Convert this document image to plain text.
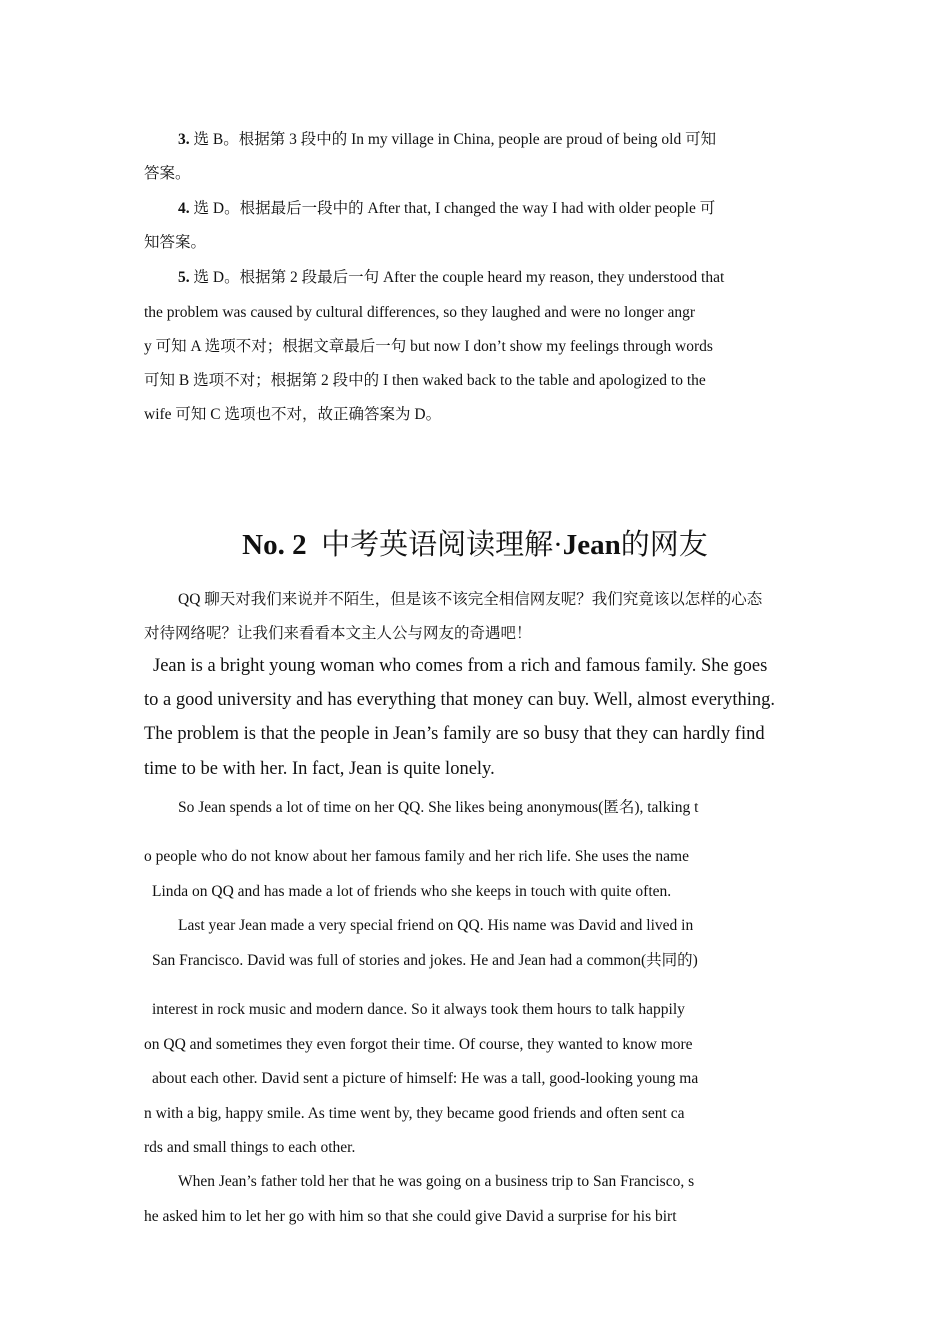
3. 选 B。根据第 3 段中的 In my village in China, people are proud of being old 可知
答案。
4. 选 D。根据最后一段中的 After that, I changed the way I had with older people 可
知答案。
5. 选 D。根据第 2 段最后一句 After the couple heard my reason, they understood that
the problem was caused by cultural differences, so they laughed and were no longer angr
y 可知 A 选项不对；根据文章最后一句 but now I don’t show my feelings through words
可知 B 选项不对；根据第 2 段中的 I then waked back to the table and apologized to the
wife 可知 C 选项也不对，故正确答案为 D。
No. 2 中考英语阅读理解·Jean的网友
QQ 聊天对我们来说并不陌生，但是该不该完全相信网友呢？我们究竟该以怎样的心态
对待网络呢？让我们来看看本文主人公与网友的奇遇吧！
Jean is a bright young woman who comes from a rich and famous family. She goes
to a good university and has everything that money can buy. Well, almost everything.
The problem is that the people in Jean’s family are so busy that they can hardly find
time to be with her. In fact, Jean is quite lonely.
So Jean spends a lot of time on her QQ. She likes being anonymous(匿名), talking t
o people who do not know about her famous family and her rich life. She uses the name
Linda on QQ and has made a lot of friends who she keeps in touch with quite often.
Last year Jean made a very special friend on QQ. His name was David and lived in
San Francisco. David was full of stories and jokes. He and Jean had a common(共同的)
interest in rock music and modern dance. So it always took them hours to talk happily
on QQ and sometimes they even forgot their time. Of course, they wanted to know more
about each other. David sent a picture of himself: He was a tall, good-looking young ma
n with a big, happy smile. As time went by, they became good friends and often sent ca
rds and small things to each other.
When Jean’s father told her that he was going on a business trip to San Francisco, s
he asked him to let her go with him so that she could give David a surprise for his birt
